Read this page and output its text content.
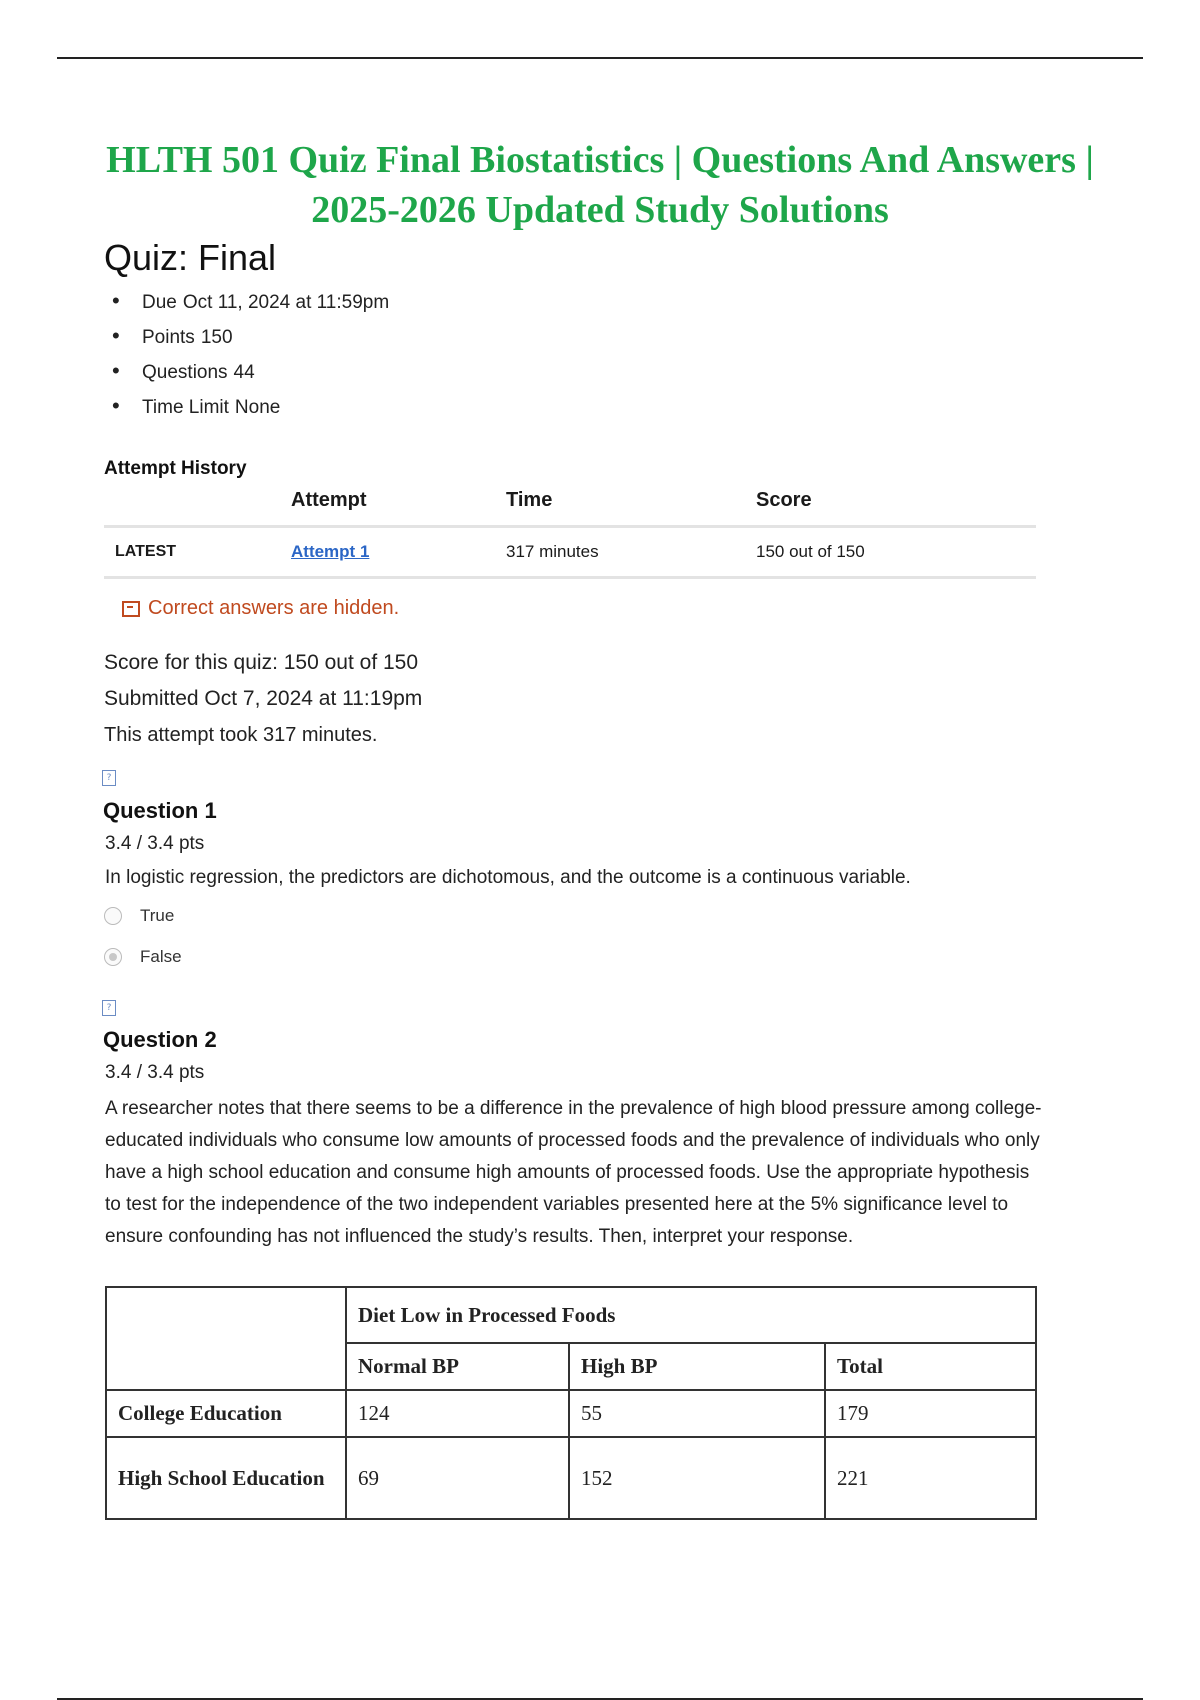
HLTH 501 Quiz Final Biostatistics | Questions And Answers | 2025-2026 Updated Study Solutions
Quiz: Final
•	Due Oct 11, 2024 at 11:59pm
•	Points 150
•	Questions 44
•	Time Limit None
Attempt History
	Attempt	Time	Score
LATEST	Attempt 1	317 minutes	150 out of 150
Correct answers are hidden.
Score for this quiz: 150 out of 150
Submitted Oct 7, 2024 at 11:19pm
This attempt took 317 minutes.
?
Question 1
3.4 / 3.4 pts
In logistic regression, the predictors are dichotomous, and the outcome is a continuous variable.
True
False
?
Question 2
3.4 / 3.4 pts
A researcher notes that there seems to be a difference in the prevalence of high blood pressure among college-educated individuals who consume low amounts of processed foods and the prevalence of individuals who only have a high school education and consume high amounts of processed foods. Use the appropriate hypothesis to test for the independence of the two independent variables presented here at the 5% significance level to ensure confounding has not influenced the study’s results. Then, interpret your response.
	Diet Low in Processed Foods		
	Normal BP	High BP	Total
College Education	124	55	179
High School Education	69	152	221
